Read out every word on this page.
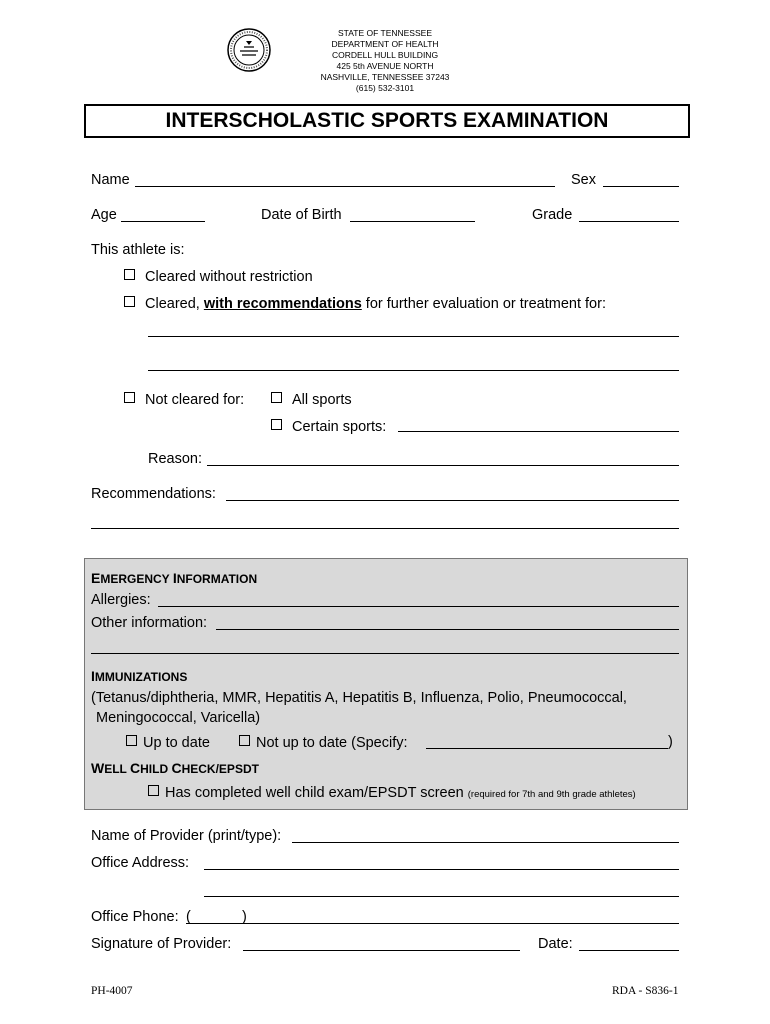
STATE OF TENNESSEE
DEPARTMENT OF HEALTH
CORDELL HULL BUILDING
425 5th AVENUE NORTH
NASHVILLE, TENNESSEE 37243
(615) 532-3101
INTERSCHOLASTIC SPORTS EXAMINATION
Name	Sex
Age	Date of Birth	Grade
This athlete is:
Cleared without restriction
Cleared, with recommendations for further evaluation or treatment for:
Not cleared for:	All sports
Certain sports:
Reason:
Recommendations:
EMERGENCY INFORMATION
Allergies:
Other information:
IMMUNIZATIONS
(Tetanus/diphtheria, MMR, Hepatitis A, Hepatitis B, Influenza, Polio, Pneumococcal,
Meningococcal, Varicella)
Up to date	Not up to date (Specify:	)
WELL CHILD CHECK/EPSDT
Has completed well child exam/EPSDT screen (required for 7th and 9th grade athletes)
Name of Provider (print/type):
Office Address:
Office Phone: (	)
Signature of Provider:	Date:
PH-4007	RDA - S836-1
